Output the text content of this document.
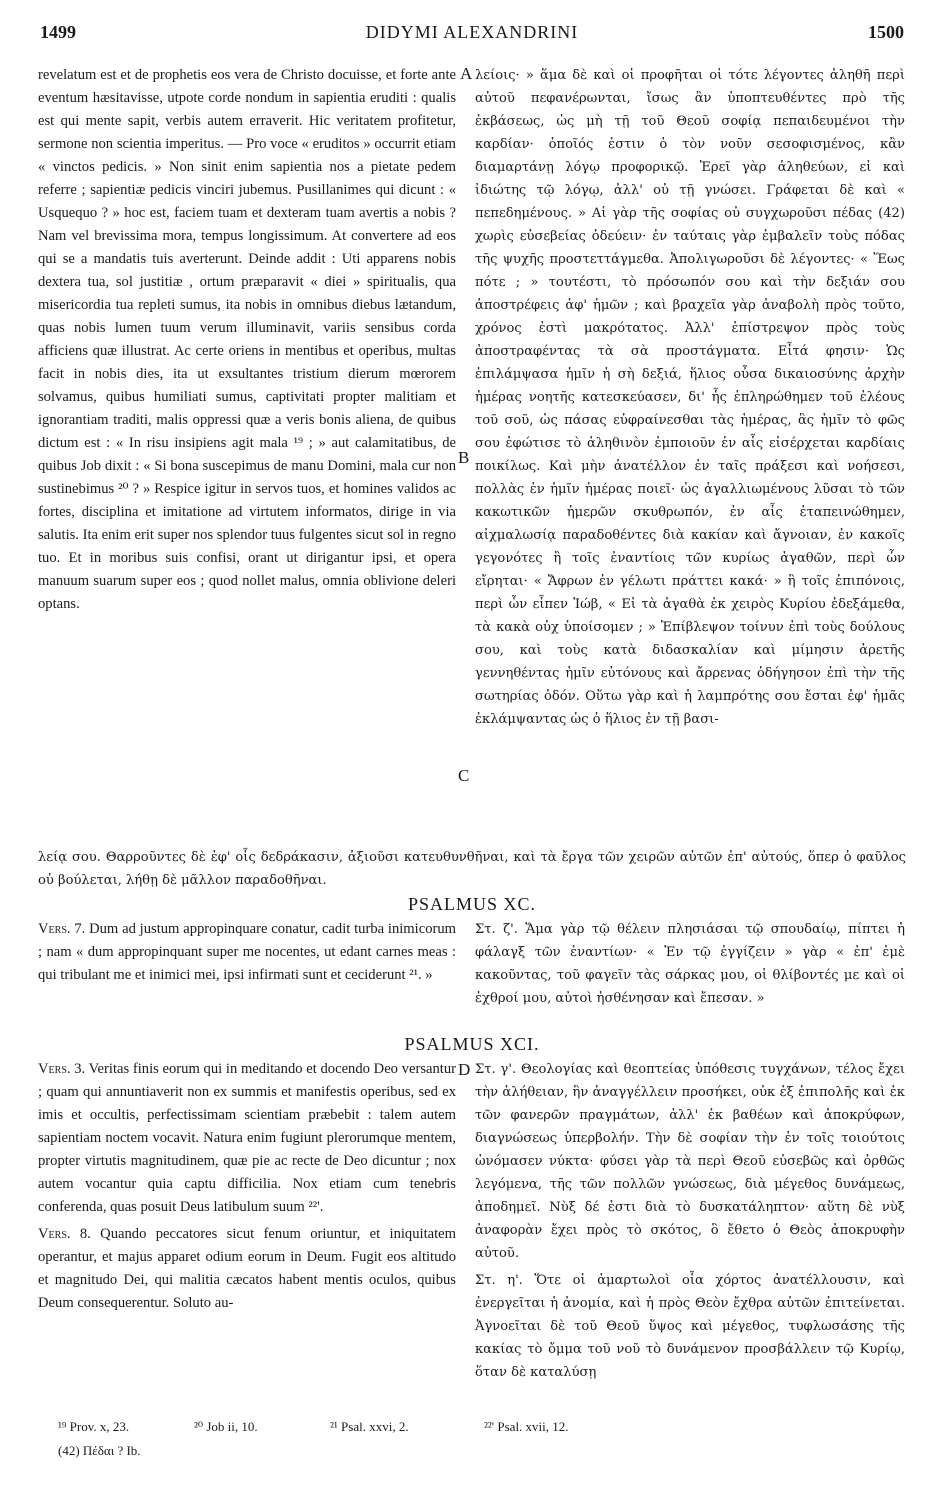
1499	DIDYMI ALEXANDRINI	1500

revelatum est et de prophetis eos vera de Christo docuisse, et forte ante eventum hæsitavisse, utpote corde nondum in sapientia eruditi : qualis est qui mente sapit, verbis autem erraverit. Hic veritatem profitetur, sermone non scientia imperitus. — Pro voce « eruditos » occurrit etiam « vinctos pedicis. » Non sinit enim sapientia nos a pietate pedem referre ; sapientiæ pedicis vinciri jubemus. Pusillanimes qui dicunt : « Usquequo ? » hoc est, faciem tuam et dexteram tuam avertis a nobis ? Nam vel brevissima mora, tempus longissimum. At convertere ad eos qui se a mandatis tuis averterunt. Deinde addit : Uti apparens nobis dextera tua, sol justitiæ , ortum præparavit « diei » spiritualis, qua misericordia tua repleti sumus, ita nobis in omnibus diebus lætandum, quas nobis lumen tuum verum illuminavit, variis sensibus corda afficiens quæ illustrat. Ac certe oriens in mentibus et operibus, multas facit in nobis dies, ita ut exsultantes tristium dierum mœrorem solvamus, quibus humiliati sumus, captivitati propter malitiam et ignorantiam traditi, malis oppressi quæ a veris bonis aliena, de quibus dictum est : « In risu insipiens agit mala ¹⁹ ; » aut calamitatibus, de quibus Job dixit : « Si bona suscepimus de manu Domini, mala cur non sustinebimus ²⁰ ? » Respice igitur in servos tuos, et homines validos ac fortes, disciplina et imitatione ad virtutem informatos, dirige in via salutis. Ita enim erit super nos splendor tuus fulgentes sicut sol in regno tuo. Et in moribus suis confisi, orant ut dirigantur ipsi, et opera manuum suarum super eos ; quod nollet malus, omnia oblivione deleri optans.

λείοις· » ἅμα δὲ καὶ οἱ προφῆται οἱ τότε λέγοντες ἀληθῆ περὶ αὐτοῦ πεφανέρωνται, ἴσως ἂν ὑποπτευθέντες πρὸ τῆς ἐκβάσεως, ὡς μὴ τῇ τοῦ Θεοῦ σοφίᾳ πεπαιδευμένοι τὴν καρδίαν· ὁποῖός ἐστιν ὁ τὸν νοῦν σεσοφισμένος, κἂν διαμαρτάνῃ λόγῳ προφορικῷ. Ἐρεῖ γὰρ ἀληθεύων, εἰ καὶ ἰδιώτης τῷ λόγῳ, ἀλλ' οὐ τῇ γνώσει. Γράφεται δὲ καὶ « πεπεδημένους. » Αἱ γὰρ τῆς σοφίας οὐ συγχωροῦσι πέδας (42) χωρὶς εὐσεβείας ὁδεύειν· ἐν ταύταις γὰρ ἐμβαλεῖν τοὺς πόδας τῆς ψυχῆς προστεττάγμεθα. Ἀπολιγωροῦσι δὲ λέγοντες· « Ἕως πότε ; » τουτέστι, τὸ πρόσωπόν σου καὶ τὴν δεξιάν σου ἀποστρέφεις ἀφ' ἡμῶν ; καὶ βραχεῖα γὰρ ἀναβολὴ πρὸς τοῦτο, χρόνος ἐστὶ μακρότατος. Ἀλλ' ἐπίστρεψον πρὸς τοὺς ἀποστραφέντας τὰ σὰ προστάγματα. Εἶτά φησιν· Ὡς ἐπιλάμψασα ἡμῖν ἡ σὴ δεξιά, ἥλιος οὖσα δικαιοσύνης ἀρχὴν ἡμέρας νοητῆς κατεσκεύασεν, δι' ἧς ἐπληρώθημεν τοῦ ἐλέους τοῦ σοῦ, ὡς πάσας εὐφραίνεσθαι τὰς ἡμέρας, ἃς ἡμῖν τὸ φῶς σου ἐφώτισε τὸ ἀληθινὸν ἐμποιοῦν ἐν αἷς εἰσέρχεται καρδίαις ποικίλως. Καὶ μὴν ἀνατέλλον ἐν ταῖς πράξεσι καὶ νοήσεσι, πολλὰς ἐν ἡμῖν ἡμέρας ποιεῖ· ὡς ἀγαλλιωμένους λῦσαι τὸ τῶν κακωτικῶν ἡμερῶν σκυθρωπόν, ἐν αἷς ἐταπεινώθημεν, αἰχμαλωσίᾳ παραδοθέντες διὰ κακίαν καὶ ἄγνοιαν, ἐν κακοῖς γεγονότες ἢ τοῖς ἐναντίοις τῶν κυρίως ἀγαθῶν, περὶ ὧν εἴρηται· « Ἄφρων ἐν γέλωτι πράττει κακά· » ἢ τοῖς ἐπιπόνοις, περὶ ὧν εἶπεν Ἰώβ, « Εἰ τὰ ἀγαθὰ ἐκ χειρὸς Κυρίου ἐδεξάμεθα, τὰ κακὰ οὐχ ὑποίσομεν ; » Ἐπίβλεψον τοίνυν ἐπὶ τοὺς δούλους σου, καὶ τοὺς κατὰ διδασκαλίαν καὶ μίμησιν ἀρετῆς γεννηθέντας ἡμῖν εὐτόνους καὶ ἄρρενας ὁδήγησον ἐπὶ τὴν τῆς σωτηρίας ὁδόν. Οὕτω γὰρ καὶ ἡ λαμπρότης σου ἔσται ἐφ' ἡμᾶς ἐκλάμψαντας ὡς ὁ ἥλιος ἐν τῇ βασι-

λείᾳ σου. Θαρροῦντες δὲ ἐφ' οἷς δεδράκασιν, ἀξιοῦσι κατευθυνθῆναι, καὶ τὰ ἔργα τῶν χειρῶν αὐτῶν ἐπ' αὐτούς, ὅπερ ὁ φαῦλος οὐ βούλεται, λήθῃ δὲ μᾶλλον παραδοθῆναι.

A
B
C
D
PSALMUS XC.

Vers. 7. Dum ad justum appropinquare conatur, cadit turba inimicorum ; nam « dum appropinquant super me nocentes, ut edant carnes meas : qui tribulant me et inimici mei, ipsi infirmati sunt et ceciderunt ²¹. »

Στ. ζ'. Ἅμα γὰρ τῷ θέλειν πλησιάσαι τῷ σπουδαίῳ, πίπτει ἡ φάλαγξ τῶν ἐναντίων· « Ἐν τῷ ἐγγίζειν » γὰρ « ἐπ' ἐμὲ κακοῦντας, τοῦ φαγεῖν τὰς σάρκας μου, οἱ θλίβοντές με καὶ οἱ ἐχθροί μου, αὐτοὶ ἠσθένησαν καὶ ἔπεσαν. »

PSALMUS XCI.

Vers. 3. Veritas finis eorum qui in meditando et docendo Deo versantur ; quam qui annuntiaverit non ex summis et manifestis operibus, sed ex imis et occultis, perfectissimam scientiam præbebit : talem autem sapientiam noctem vocavit. Natura enim fugiunt plerorumque mentem, propter virtutis magnitudinem, quæ pie ac recte de Deo dicuntur ; nox autem vocantur quia captu difficilia. Nox etiam cum tenebris conferenda, quas posuit Deus latibulum suum ²²'.

Vers. 8. Quando peccatores sicut fenum oriuntur, et iniquitatem operantur, et majus apparet odium eorum in Deum. Fugit eos altitudo et magnitudo Dei, qui malitia cæcatos habent mentis oculos, quibus Deum consequerentur. Soluto au-

Στ. γ'. Θεολογίας καὶ θεοπτείας ὑπόθεσις τυγχάνων, τέλος ἔχει τὴν ἀλήθειαν, ἣν ἀναγγέλλειν προσήκει, οὐκ ἐξ ἐπιπολῆς καὶ ἐκ τῶν φανερῶν πραγμάτων, ἀλλ' ἐκ βαθέων καὶ ἀποκρύφων, διαγνώσεως ὑπερβολήν. Τὴν δὲ σοφίαν τὴν ἐν τοῖς τοιούτοις ὠνόμασεν νύκτα· φύσει γὰρ τὰ περὶ Θεοῦ εὐσεβῶς καὶ ὀρθῶς λεγόμενα, τῆς τῶν πολλῶν γνώσεως, διὰ μέγεθος δυνάμεως, ἀποδημεῖ. Νὺξ δέ ἐστι διὰ τὸ δυσκατάληπτον· αὕτη δὲ νὺξ ἀναφορὰν ἔχει πρὸς τὸ σκότος, ὃ ἔθετο ὁ Θεὸς ἀποκρυφὴν αὐτοῦ.

Στ. η'. Ὅτε οἱ ἁμαρτωλοὶ οἷα χόρτος ἀνατέλλουσιν, καὶ ἐνεργεῖται ἡ ἀνομία, καὶ ἡ πρὸς Θεὸν ἔχθρα αὐτῶν ἐπιτείνεται. Ἀγνοεῖται δὲ τοῦ Θεοῦ ὕψος καὶ μέγεθος, τυφλωσάσης τῆς κακίας τὸ ὄμμα τοῦ νοῦ τὸ δυνάμενον προσβάλλειν τῷ Κυρίῳ, ὅταν δὲ καταλύσῃ

¹⁹ Prov. x, 23.	²⁰ Job ii, 10.	²¹ Psal. xxvi, 2.	²²' Psal. xvii, 12.
(42) Πέδαι ? Ib.
